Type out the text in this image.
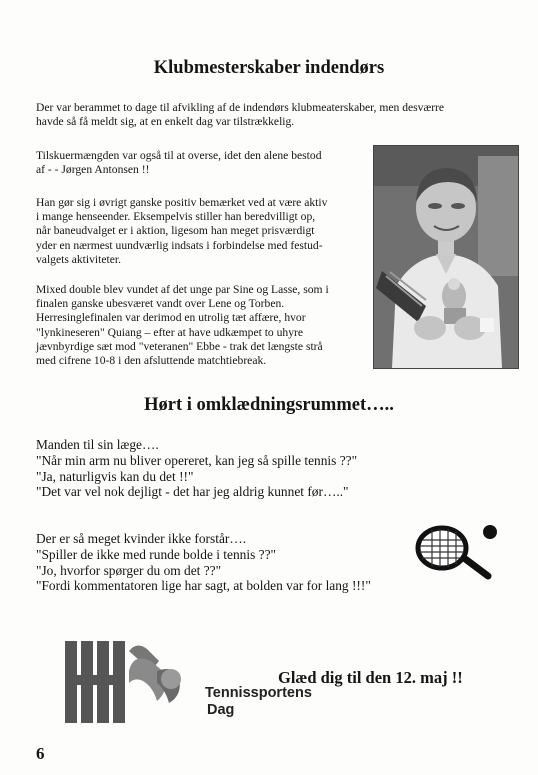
Klubmesterskaber indendørs

Der var berammet to dage til afvikling af de indendørs klubmeaterskaber, men desværre
havde så få meldt sig, at en enkelt dag var tilstrækkelig.

Tilskuermængden var også til at overse, idet den alene bestod
af - - Jørgen Antonsen !!

Han gør sig i øvrigt ganske positiv bemærket ved at være aktiv
i mange henseender. Eksempelvis stiller han beredvilligt op,
når baneudvalget er i aktion, ligesom han meget prisværdigt
yder en nærmest uundværlig indsats i forbindelse med festud-
valgets aktiviteter.

Mixed double blev vundet af det unge par Sine og Lasse, som i
finalen ganske ubesværet vandt over Lene og Torben.
Herresinglefinalen var derimod en utrolig tæt affære, hvor
"lynkineseren" Quiang – efter at have udkæmpet to uhyre
jævnbyrdige sæt mod "veteranen" Ebbe - trak det længste strå
med cifrene 10-8 i den afsluttende matchtiebreak.

Hørt i omklædningsrummet…..

Manden til sin læge….
"Når min arm nu bliver opereret, kan jeg så spille tennis ??"
"Ja, naturligvis kan du det !!"
"Det var vel nok dejligt - det har jeg aldrig kunnet før….."

Der er så meget kvinder ikke forstår….
"Spiller de ikke med runde bolde i tennis ??"
"Jo, hvorfor spørger du om det ??"
"Fordi kommentatoren lige har sagt, at bolden var for lang !!!"

Tennissportens
Dag

Glæd dig til den 12. maj !!

6
